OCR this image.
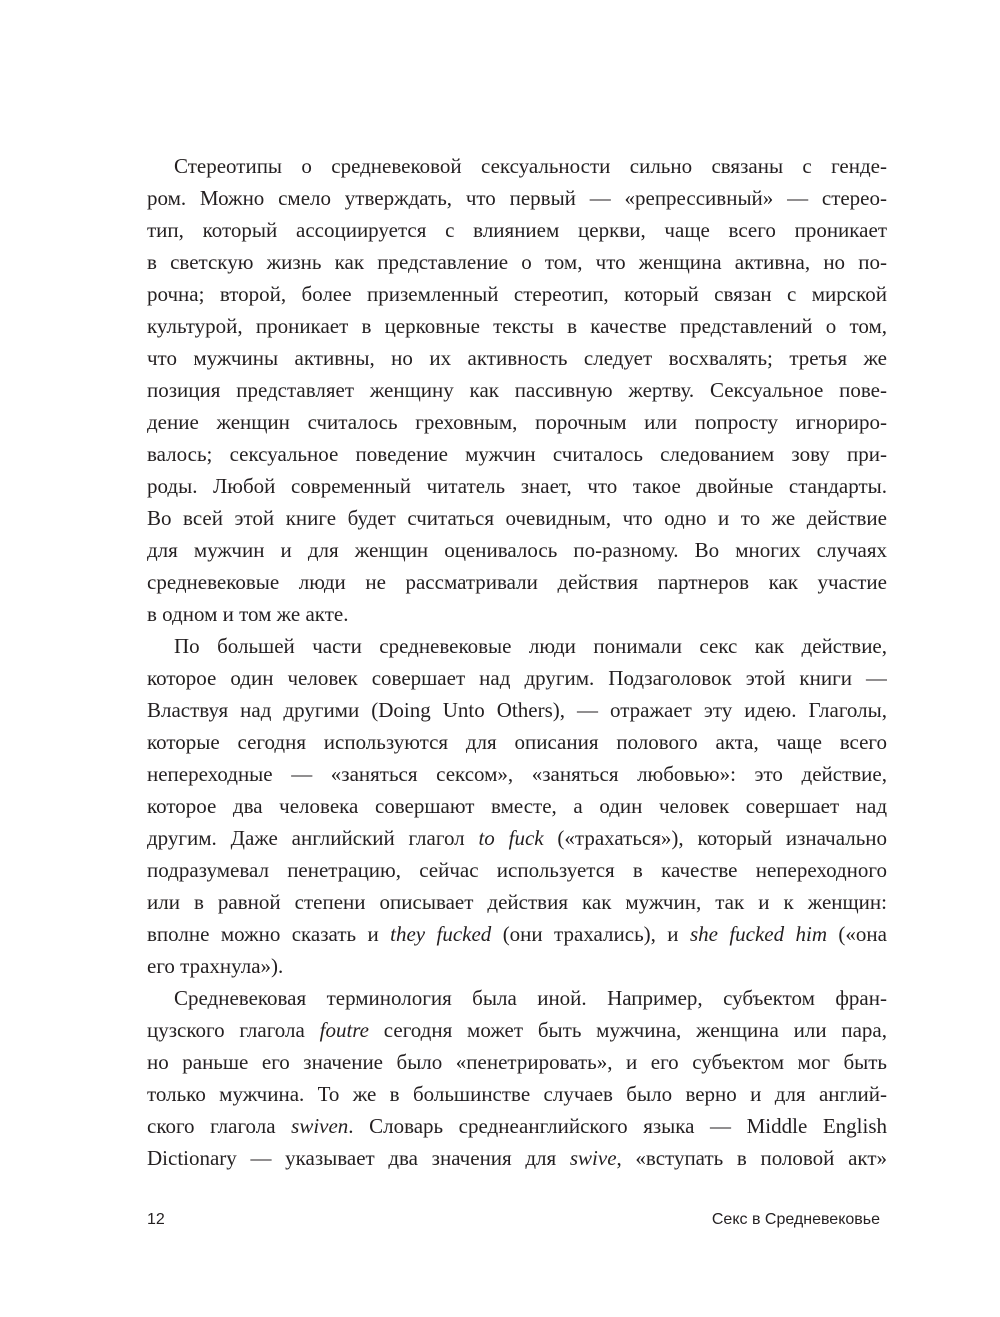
Стереотипы о средневековой сексуальности сильно связаны с генде-
ром. Можно смело утверждать, что первый — «репрессивный» — стерео-
тип, который ассоциируется с влиянием церкви, чаще всего проникает
в светскую жизнь как представление о том, что женщина активна, но по-
рочна; второй, более приземленный стереотип, который связан с мирской
культурой, проникает в церковные тексты в качестве представлений о том,
что мужчины активны, но их активность следует восхвалять; третья же
позиция представляет женщину как пассивную жертву. Сексуальное пове-
дение женщин считалось греховным, порочным или попросту игнориро-
валось; сексуальное поведение мужчин считалось следованием зову при-
роды. Любой современный читатель знает, что такое двойные стандарты.
Во всей этой книге будет считаться очевидным, что одно и то же действие
для мужчин и для женщин оценивалось по-разному. Во многих случаях
средневековые люди не рассматривали действия партнеров как участие
в одном и том же акте.
По большей части средневековые люди понимали секс как действие,
которое один человек совершает над другим. Подзаголовок этой книги —
Властвуя над другими (Doing Unto Others), — отражает эту идею. Глаголы,
которые сегодня используются для описания полового акта, чаще всего
непереходные — «заняться сексом», «заняться любовью»: это действие,
которое два человека совершают вместе, а один человек совершает над
другим. Даже английский глагол to fuck («трахаться»), который изначально
подразумевал пенетрацию, сейчас используется в качестве непереходного
или в равной степени описывает действия как мужчин, так и к женщин:
вполне можно сказать и they fucked (они трахались), и she fucked him («она
его трахнула»).
Средневековая терминология была иной. Например, субъектом фран-
цузского глагола foutre сегодня может быть мужчина, женщина или пара,
но раньше его значение было «пенетрировать», и его субъектом мог быть
только мужчина. То же в большинстве случаев было верно и для англий-
ского глагола swiven. Словарь среднеанглийского языка — Middle English
Dictionary — указывает два значения для swive, «вступать в половой акт»
12	Секс в Средневековье
